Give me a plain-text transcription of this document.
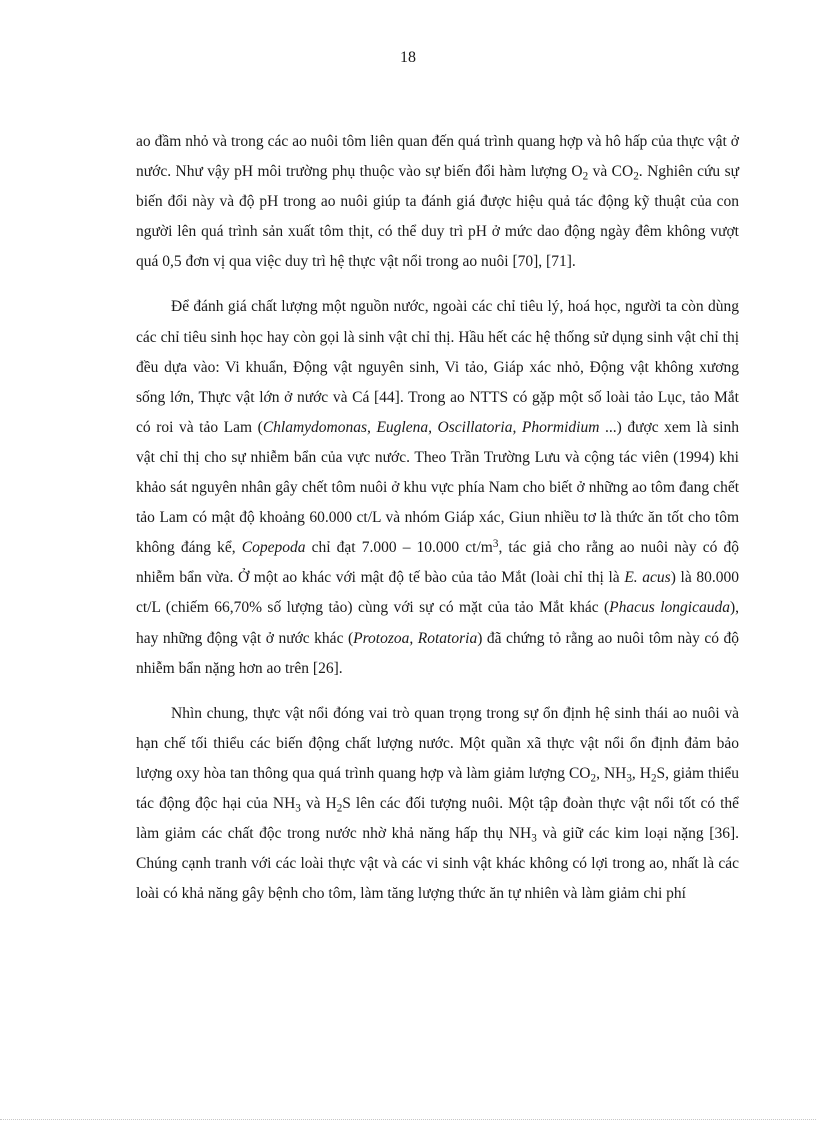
18

ao đầm nhỏ và trong các ao nuôi tôm liên quan đến quá trình quang hợp và hô hấp của thực vật ở nước. Như vậy pH môi trường phụ thuộc vào sự biến đổi hàm lượng $O_2$ và $CO_2$. Nghiên cứu sự biến đổi này và độ pH trong ao nuôi giúp ta đánh giá được hiệu quả tác động kỹ thuật của con người lên quá trình sản xuất tôm thịt, có thể duy trì pH ở mức dao động ngày đêm không vượt quá 0,5 đơn vị qua việc duy trì hệ thực vật nổi trong ao nuôi [70], [71].

Để đánh giá chất lượng một nguồn nước, ngoài các chỉ tiêu lý, hoá học, người ta còn dùng các chỉ tiêu sinh học hay còn gọi là sinh vật chỉ thị. Hầu hết các hệ thống sử dụng sinh vật chỉ thị đều dựa vào: Vi khuẩn, Động vật nguyên sinh, Vi tảo, Giáp xác nhỏ, Động vật không xương sống lớn, Thực vật lớn ở nước và Cá [44]. Trong ao NTTS có gặp một số loài tảo Lục, tảo Mắt có roi và tảo Lam (Chlamydomonas, Euglena, Oscillatoria, Phormidium ...) được xem là sinh vật chỉ thị cho sự nhiễm bẩn của vực nước. Theo Trần Trường Lưu và cộng tác viên (1994) khi khảo sát nguyên nhân gây chết tôm nuôi ở khu vực phía Nam cho biết ở những ao tôm đang chết tảo Lam có mật độ khoảng 60.000 ct/L và nhóm Giáp xác, Giun nhiều tơ là thức ăn tốt cho tôm không đáng kể, Copepoda chỉ đạt 7.000 – 10.000 $ct/m^3$, tác giả cho rằng ao nuôi này có độ nhiễm bẩn vừa. Ở một ao khác với mật độ tế bào của tảo Mắt (loài chỉ thị là E. acus) là 80.000 ct/L (chiếm 66,70% số lượng tảo) cùng với sự có mặt của tảo Mắt khác (Phacus longicauda), hay những động vật ở nước khác (Protozoa, Rotatoria) đã chứng tỏ rằng ao nuôi tôm này có độ nhiễm bẩn nặng hơn ao trên [26].

Nhìn chung, thực vật nổi đóng vai trò quan trọng trong sự ổn định hệ sinh thái ao nuôi và hạn chế tối thiểu các biến động chất lượng nước. Một quần xã thực vật nổi ổn định đảm bảo lượng oxy hòa tan thông qua quá trình quang hợp và làm giảm lượng $CO_2$, $NH_3$, $H_2S$, giảm thiểu tác động độc hại của $NH_3$ và $H_2S$ lên các đối tượng nuôi. Một tập đoàn thực vật nổi tốt có thể làm giảm các chất độc trong nước nhờ khả năng hấp thụ $NH_3$ và giữ các kim loại nặng [36]. Chúng cạnh tranh với các loài thực vật và các vi sinh vật khác không có lợi trong ao, nhất là các loài có khả năng gây bệnh cho tôm, làm tăng lượng thức ăn tự nhiên và làm giảm chi phí
